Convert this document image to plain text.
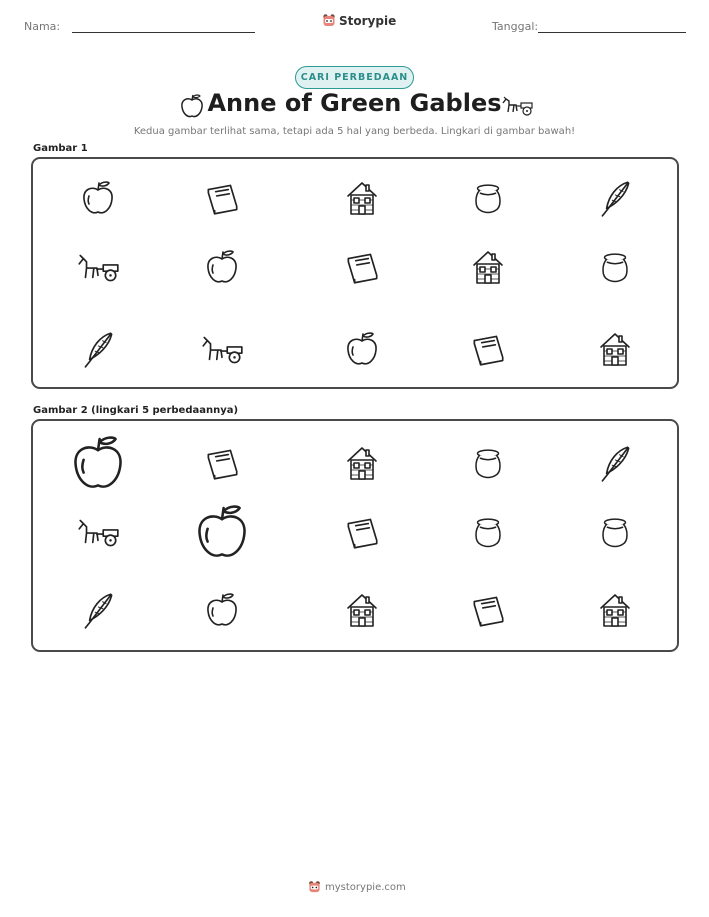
Nama:	Storypie	Tanggal:
CARI PERBEDAAN
Anne of Green Gables
Kedua gambar terlihat sama, tetapi ada 5 hal yang berbeda. Lingkari di gambar bawah!
Gambar 1
Gambar 2 (lingkari 5 perbedaannya)
mystorypie.com
